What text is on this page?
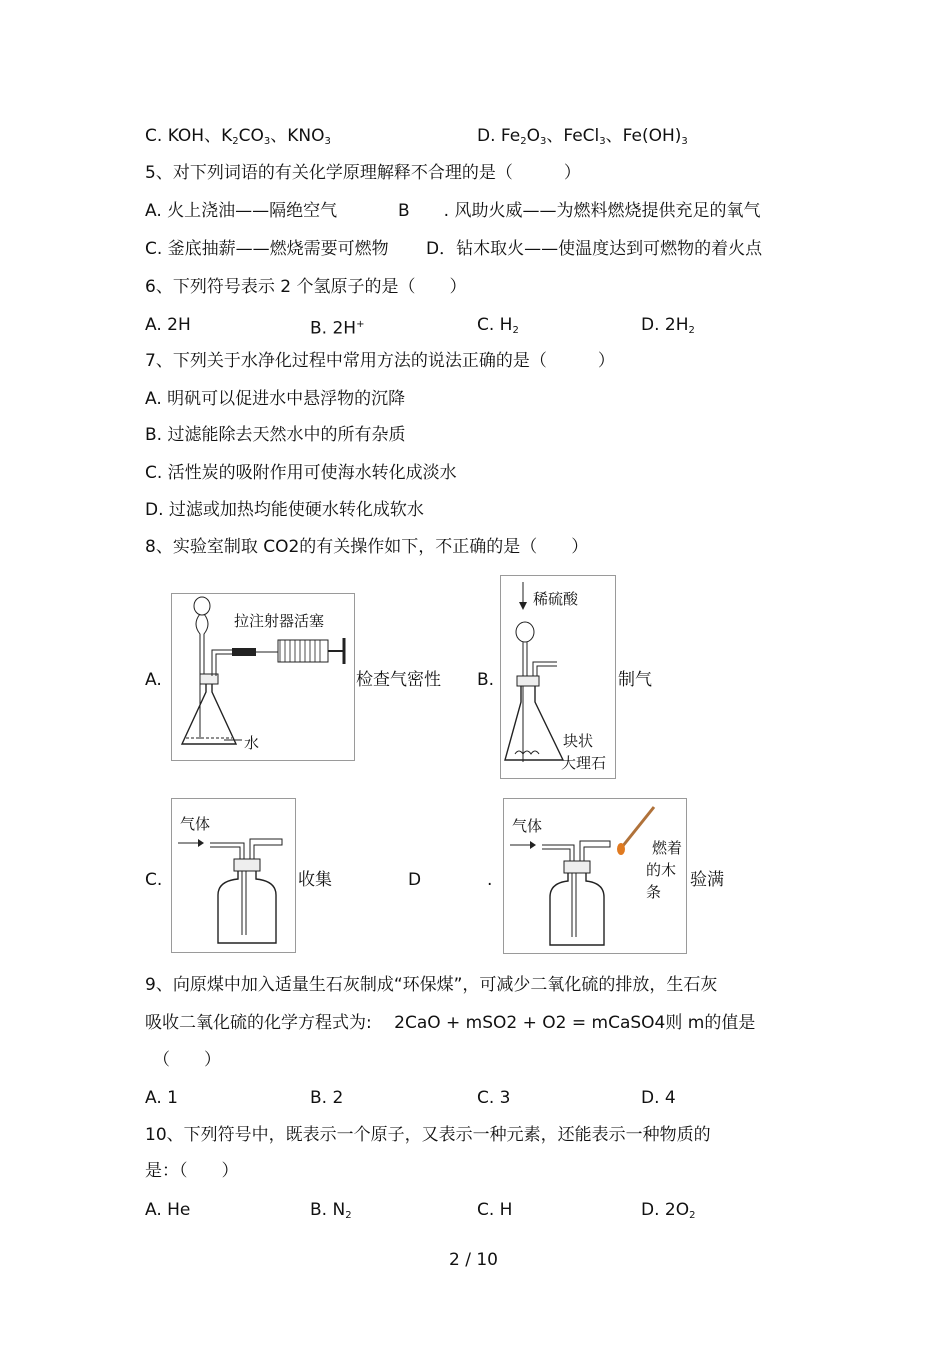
C. KOH、$K_2CO_3$、$KNO_3$	D. $Fe_2O_3$、FeCl$_3$、$Fe(OH)_3$
5、对下列词语的有关化学原理解释不合理的是（　　　）
A. 火上浇油——隔绝空气	B　　. 风助火威——为燃料燃烧提供充足的氧气
C. 釜底抽薪——燃烧需要可燃物 D．钻木取火——使温度达到可燃物的着火点
6、下列符号表示 2 个氢原子的是（　　）
A. 2H	B. 2H+	C. $H_2$	D. $2H_2$
7、下列关于水净化过程中常用方法的说法正确的是（　　　）
A. 明矾可以促进水中悬浮物的沉降
B. 过滤能除去天然水中的所有杂质
C. 活性炭的吸附作用可使海水转化成淡水
D. 过滤或加热均能使硬水转化成软水
8、实验室制取 CO2的有关操作如下，不正确的是（　　）
A.
拉注射器活塞
水
检查气密性 B.
稀硫酸
块状
大理石
制气
C.
气体
收集	D	.
气体
燃着
的木
条
验满
9、向原煤中加入适量生石灰制成“环保煤”，可减少二氧化硫的排放，生石灰
吸收二氧化硫的化学方程式为:　 2CaO + mSO2 + O2 = mCaSO4则 m的值是
（　　）
A. 1	B. 2	C. 3	D. 4
10、下列符号中，既表示一个原子，又表示一种元素，还能表示一种物质的
是：（　　）
A. He	B. $N_2$	C. H	D. $2O_2$
2 / 10
